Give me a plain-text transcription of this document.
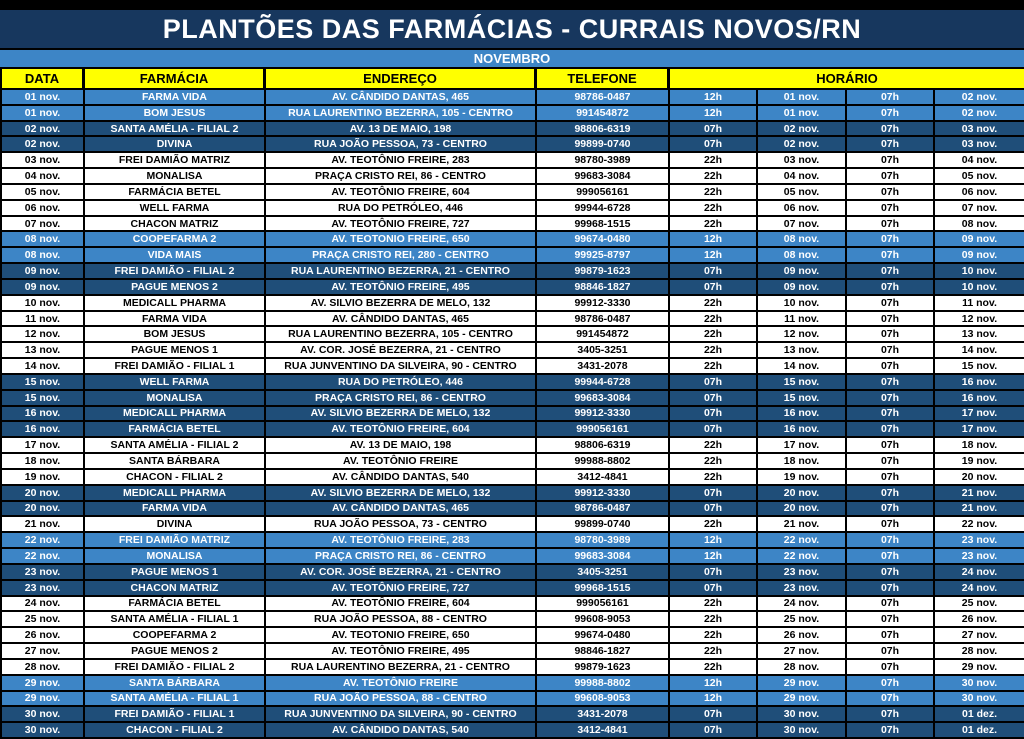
PLANTÕES DAS FARMÁCIAS - CURRAIS NOVOS/RN
NOVEMBRO
DATA	FARMÁCIA	ENDEREÇO	TELEFONE	HORÁRIO
01 nov.	FARMA VIDA	AV. CÂNDIDO DANTAS, 465	98786-0487	12h	01 nov.	07h	02 nov.
01 nov.	BOM JESUS	RUA LAURENTINO BEZERRA, 105 - CENTRO	991454872	12h	01 nov.	07h	02 nov.
02 nov.	SANTA AMÉLIA - FILIAL 2	AV. 13 DE MAIO, 198	98806-6319	07h	02 nov.	07h	03 nov.
02 nov.	DIVINA	RUA JOÃO PESSOA, 73 - CENTRO	99899-0740	07h	02 nov.	07h	03 nov.
03 nov.	FREI DAMIÃO MATRIZ	AV. TEOTÔNIO FREIRE, 283	98780-3989	22h	03 nov.	07h	04 nov.
04 nov.	MONALISA	PRAÇA CRISTO REI, 86 - CENTRO	99683-3084	22h	04 nov.	07h	05 nov.
05 nov.	FARMÁCIA BETEL	AV. TEOTÔNIO FREIRE, 604	999056161	22h	05 nov.	07h	06 nov.
06 nov.	WELL FARMA	RUA DO PETRÓLEO, 446	99944-6728	22h	06 nov.	07h	07 nov.
07 nov.	CHACON MATRIZ	AV. TEOTÔNIO FREIRE, 727	99968-1515	22h	07 nov.	07h	08 nov.
08 nov.	COOPEFARMA 2	AV. TEOTONIO FREIRE, 650	99674-0480	12h	08 nov.	07h	09 nov.
08 nov.	VIDA MAIS	PRAÇA CRISTO REI, 280 - CENTRO	99925-8797	12h	08 nov.	07h	09 nov.
09 nov.	FREI DAMIÃO - FILIAL 2	RUA LAURENTINO BEZERRA, 21 - CENTRO	99879-1623	07h	09 nov.	07h	10 nov.
09 nov.	PAGUE MENOS 2	AV. TEOTÔNIO FREIRE, 495	98846-1827	07h	09 nov.	07h	10 nov.
10 nov.	MEDICALL PHARMA	AV. SILVIO BEZERRA DE MELO, 132	99912-3330	22h	10 nov.	07h	11 nov.
11 nov.	FARMA VIDA	AV. CÂNDIDO DANTAS, 465	98786-0487	22h	11 nov.	07h	12 nov.
12 nov.	BOM JESUS	RUA LAURENTINO BEZERRA, 105 - CENTRO	991454872	22h	12 nov.	07h	13 nov.
13 nov.	PAGUE MENOS 1	AV. COR. JOSÉ BEZERRA, 21 - CENTRO	3405-3251	22h	13 nov.	07h	14 nov.
14 nov.	FREI DAMIÃO - FILIAL 1	RUA JUNVENTINO DA SILVEIRA, 90 - CENTRO	3431-2078	22h	14 nov.	07h	15 nov.
15 nov.	WELL FARMA	RUA DO PETRÓLEO, 446	99944-6728	07h	15 nov.	07h	16 nov.
15 nov.	MONALISA	PRAÇA CRISTO REI, 86 - CENTRO	99683-3084	07h	15 nov.	07h	16 nov.
16 nov.	MEDICALL PHARMA	AV. SILVIO BEZERRA DE MELO, 132	99912-3330	07h	16 nov.	07h	17 nov.
16 nov.	FARMÁCIA BETEL	AV. TEOTÔNIO FREIRE, 604	999056161	07h	16 nov.	07h	17 nov.
17 nov.	SANTA AMÉLIA - FILIAL 2	AV. 13 DE MAIO, 198	98806-6319	22h	17 nov.	07h	18 nov.
18 nov.	SANTA BÁRBARA	AV. TEOTÔNIO FREIRE	99988-8802	22h	18 nov.	07h	19 nov.
19 nov.	CHACON - FILIAL 2	AV. CÂNDIDO DANTAS, 540	3412-4841	22h	19 nov.	07h	20 nov.
20 nov.	MEDICALL PHARMA	AV. SILVIO BEZERRA DE MELO, 132	99912-3330	07h	20 nov.	07h	21 nov.
20 nov.	FARMA VIDA	AV. CÂNDIDO DANTAS, 465	98786-0487	07h	20 nov.	07h	21 nov.
21 nov.	DIVINA	RUA JOÃO PESSOA, 73 - CENTRO	99899-0740	22h	21 nov.	07h	22 nov.
22 nov.	FREI DAMIÃO MATRIZ	AV. TEOTÔNIO FREIRE, 283	98780-3989	12h	22 nov.	07h	23 nov.
22 nov.	MONALISA	PRAÇA CRISTO REI, 86 - CENTRO	99683-3084	12h	22 nov.	07h	23 nov.
23 nov.	PAGUE MENOS 1	AV. COR. JOSÉ BEZERRA, 21 - CENTRO	3405-3251	07h	23 nov.	07h	24 nov.
23 nov.	CHACON MATRIZ	AV. TEOTÔNIO FREIRE, 727	99968-1515	07h	23 nov.	07h	24 nov.
24 nov.	FARMÁCIA BETEL	AV. TEOTÔNIO FREIRE, 604	999056161	22h	24 nov.	07h	25 nov.
25 nov.	SANTA AMÉLIA - FILIAL 1	RUA JOÃO PESSOA, 88 - CENTRO	99608-9053	22h	25 nov.	07h	26 nov.
26 nov.	COOPEFARMA 2	AV. TEOTONIO FREIRE, 650	99674-0480	22h	26 nov.	07h	27 nov.
27 nov.	PAGUE MENOS 2	AV. TEOTÔNIO FREIRE, 495	98846-1827	22h	27 nov.	07h	28 nov.
28 nov.	FREI DAMIÃO - FILIAL 2	RUA LAURENTINO BEZERRA, 21 - CENTRO	99879-1623	22h	28 nov.	07h	29 nov.
29 nov.	SANTA BÁRBARA	AV. TEOTÔNIO FREIRE	99988-8802	12h	29 nov.	07h	30 nov.
29 nov.	SANTA AMÉLIA - FILIAL 1	RUA JOÃO PESSOA, 88 - CENTRO	99608-9053	12h	29 nov.	07h	30 nov.
30 nov.	FREI DAMIÃO - FILIAL 1	RUA JUNVENTINO DA SILVEIRA, 90 - CENTRO	3431-2078	07h	30 nov.	07h	01 dez.
30 nov.	CHACON - FILIAL 2	AV. CÂNDIDO DANTAS, 540	3412-4841	07h	30 nov.	07h	01 dez.
